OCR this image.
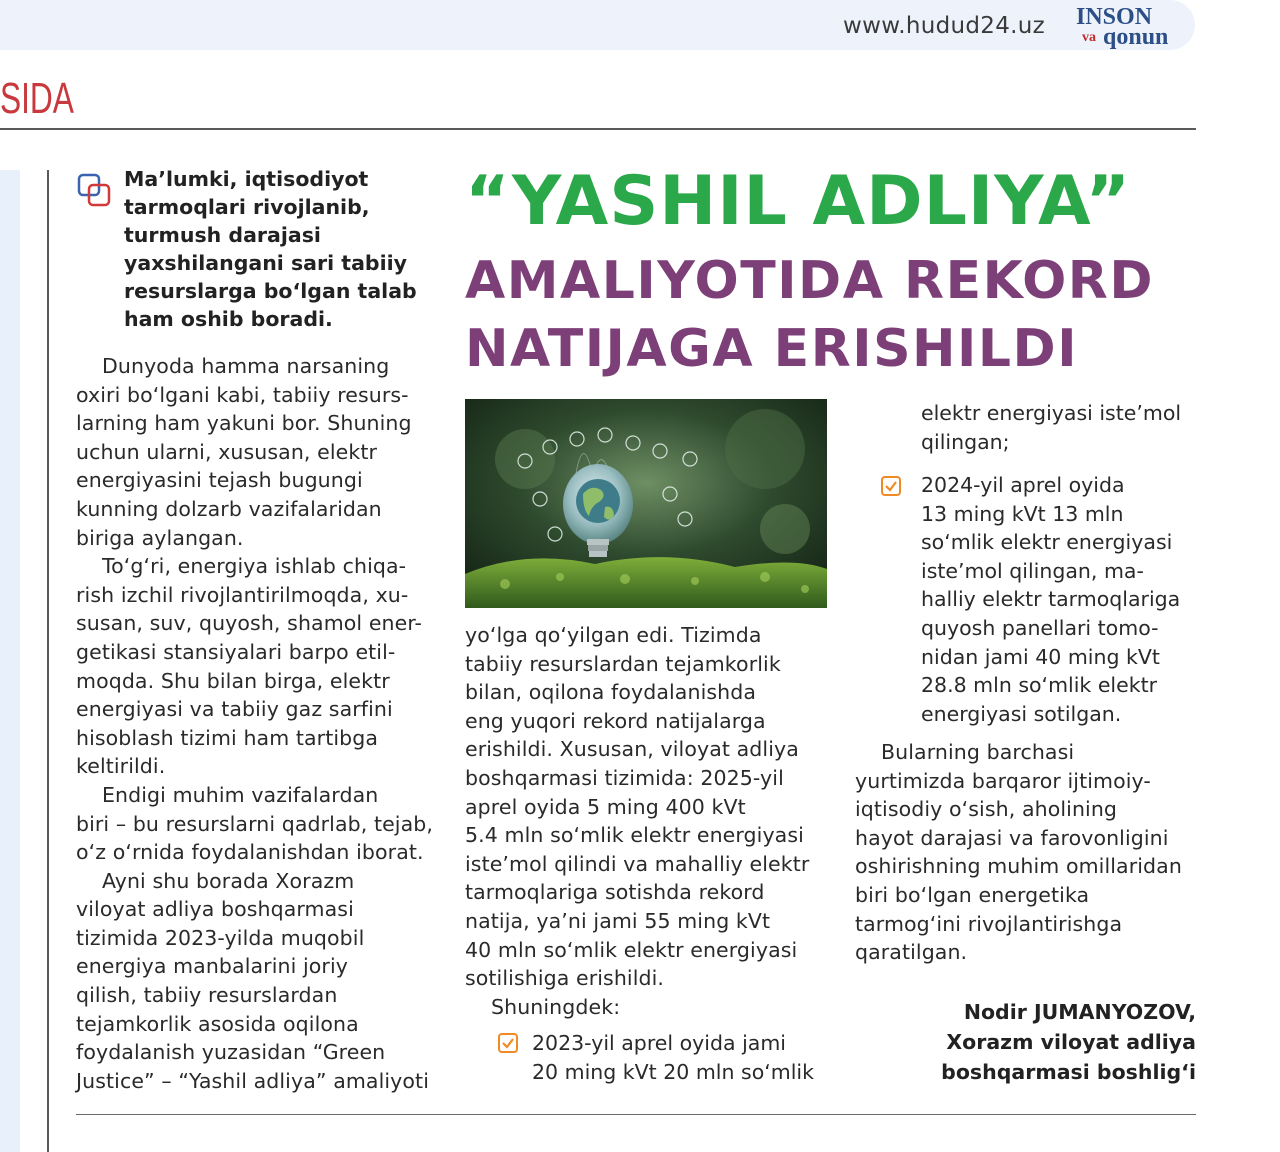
www.hudud24.uz INSON
va qonun
SIDA
Ma’lumki, iqtisodiyot tarmoqlari rivojlanib, turmush darajasi yaxshilangani sari tabiiy resurslarga bo‘lgan talab ham oshib boradi.

Dunyoda hamma narsaning
oxiri bo‘lgani kabi, tabiiy resurs-
larning ham yakuni bor. Shuning
uchun ularni, xususan, elektr
energiyasini tejash bugungi
kunning dolzarb vazifalaridan
biriga aylangan.

To‘g‘ri, energiya ishlab chiqa-
rish izchil rivojlantirilmoqda, xu-
susan, suv, quyosh, shamol ener-
getikasi stansiyalari barpo etil-
moqda. Shu bilan birga, elektr
energiyasi va tabiiy gaz sarfini
hisoblash tizimi ham tartibga
keltirildi.

Endigi muhim vazifalardan
biri – bu resurslarni qadrlab, tejab,
o‘z o‘rnida foydalanishdan iborat.

Ayni shu borada Xorazm
viloyat adliya boshqarmasi
tizimida 2023-yilda muqobil
energiya manbalarini joriy
qilish, tabiiy resurslardan
tejamkorlik asosida oqilona
foydalanish yuzasidan “Green
Justice” – “Yashil adliya” amaliyoti

“YASHIL ADLIYA”
AMALIYOTIDA REKORD
NATIJAGA ERISHILDI

yo‘lga qo‘yilgan edi. Tizimda
tabiiy resurslardan tejamkorlik
bilan, oqilona foydalanishda
eng yuqori rekord natijalarga
erishildi. Xususan, viloyat adliya
boshqarmasi tizimida: 2025-yil
aprel oyida 5 ming 400 kVt
5.4 mln so‘mlik elektr energiyasi
iste’mol qilindi va mahalliy elektr
tarmoqlariga sotishda rekord
natija, ya’ni jami 55 ming kVt
40 mln so‘mlik elektr energiyasi
sotilishiga erishildi.

Shuningdek:

2023-yil aprel oyida jami
20 ming kVt 20 mln so‘mlik
elektr energiyasi iste’mol
qilingan;
2024-yil aprel oyida
13 ming kVt 13 mln
so‘mlik elektr energiyasi
iste’mol qilingan, ma-
halliy elektr tarmoqlariga
quyosh panellari tomo-
nidan jami 40 ming kVt
28.8 mln so‘mlik elektr
energiyasi sotilgan.

Bularning barchasi
yurtimizda barqaror ijtimoiy-
iqtisodiy o‘sish, aholining
hayot darajasi va farovonligini
oshirishning muhim omillaridan
biri bo‘lgan energetika
tarmog‘ini rivojlantirishga
qaratilgan.

Nodir JUMANYOZOV,
Xorazm viloyat adliya
boshqarmasi boshlig‘i
